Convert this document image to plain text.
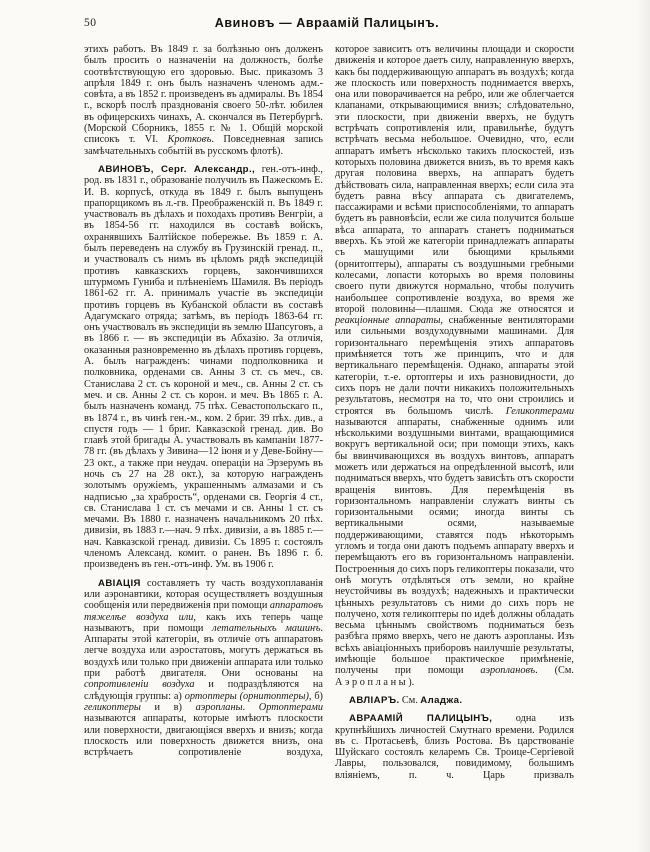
50	Авиновъ — Авраамій Палицынъ.

этихъ работъ. Въ 1849 г. за болѣзнью онъ долженъ былъ просить о назначеніи на должность, болѣе соотвѣтствующую его здоровью. Выс. приказомъ 3 апрѣля 1849 г. онъ былъ назначенъ членомъ адм.-совѣта, а въ 1852 г. произведенъ въ адмиралы. Въ 1854 г., вскорѣ послѣ празднованія своего 50-лѣт. юбилея въ офицерскихъ чинахъ, А. скончался въ Петербургѣ. (Морской Сборникъ, 1855 г. № 1. Общій морской списокъ т. VI. Кротковъ. Повседневная запись замѣчательныхъ событій въ русскомъ флотѣ).

АВИНОВЪ, Серг. Александр., ген.-отъ-инф., род. въ 1831 г., образованіе получилъ въ Пажескомъ Е. И. В. корпусѣ, откуда въ 1849 г. былъ выпущенъ прапорщикомъ въ л.-гв. Преображенскій п. Въ 1849 г. участвовалъ въ дѣлахъ и походахъ противъ Венгріи, а въ 1854-56 гг. находился въ составѣ войскъ, охранявшихъ Балтійское побережье. Въ 1859 г. А. былъ переведенъ на службу въ Грузинскій гренад. п., и участвовалъ съ нимъ въ цѣломъ рядѣ экспедицій противъ кавказскихъ горцевъ, закончившихся штурмомъ Гуниба и плѣненіемъ Шамиля. Въ періодъ 1861-62 гг. А. принималъ участіе въ экспедиціи противъ горцевъ въ Кубанской области въ составѣ Адагумскаго отряда; затѣмъ, въ періодъ 1863-64 гг. онъ участвовалъ въ экспедиціи въ землю Шапсуговъ, а въ 1866 г. — въ экспедиціи въ Абхазію. За отличія, оказанныя разновременно въ дѣлахъ противъ горцевъ, А. былъ награжденъ: чинами подполковника и полковника, орденами св. Анны 3 ст. съ меч., св. Станислава 2 ст. съ короной и меч., св. Анны 2 ст. съ меч. и св. Анны 2 ст. съ корон. и меч. Въ 1865 г. А. былъ назначенъ команд. 75 пѣх. Севастопольскаго п., въ 1874 г., въ чинѣ ген.-м., ком. 2 бриг. 39 пѣх. див., а спустя годъ — 1 бриг. Кавказской гренад. див. Во главѣ этой бригады А. участвовалъ въ кампаніи 1877-78 гг. (въ дѣлахъ у Зивина—12 іюня и у Деве-Бойну—23 окт., а также при неудач. операціи на Эрзерумъ въ ночь съ 27 на 28 окт.), за которую награжденъ золотымъ оружіемъ, украшеннымъ алмазами и съ надписью „за храбрость“, орденами св. Георгія 4 ст., св. Станислава 1 ст. съ мечами и св. Анны 1 ст. съ мечами. Въ 1880 г. назначенъ начальникомъ 20 пѣх. дивизіи, въ 1883 г.—нач. 9 пѣх. дивизіи, а въ 1885 г.—нач. Кавказской гренад. дивизіи. Съ 1895 г. состоялъ членомъ Александ. комит. о ранен. Въ 1896 г. б. произведенъ въ ген.-отъ-инф. Ум. въ 1906 г.

АВІАЦІЯ составляетъ ту часть воздухоплаванія или аэронавтики, которая осуществляетъ воздушныя сообщенія или передвиженія при помощи аппаратовъ тяжелѣе воздуха или, какъ ихъ теперь чаще называютъ, при помощи летательныхъ машинъ. Аппараты этой категоріи, въ отличіе отъ аппаратовъ легче воздуха или аэростатовъ, могутъ держаться въ воздухѣ или только при движеніи аппарата или только при работѣ двигателя. Они основаны на сопротивленіи воздуха и подраздѣляются на слѣдующія группы: а) ортоптеры (орнитоптеры), б) геликоптеры и в) аэропланы. Ортоптерами называются аппараты, которые имѣютъ плоскости или поверхности, двигающіяся вверхъ и внизъ; когда плоскость или поверхность движется внизъ, она встрѣчаетъ сопротивленіе воздуха,

которое зависитъ отъ величины площади и скорости движенія и которое даетъ силу, направленную вверхъ, какъ бы поддерживающую аппаратъ въ воздухѣ; когда же плоскость или поверхность поднимается вверхъ, она или поворачивается на ребро, или же облегчается клапанами, открывающимися внизъ; слѣдовательно, эти плоскости, при движеніи вверхъ, не будутъ встрѣчать сопротивленія или, правильнѣе, будутъ встрѣчать весьма небольшое. Очевидно, что, если аппаратъ имѣетъ нѣсколько такихъ плоскостей, изъ которыхъ половина движется внизъ, въ то время какъ другая половина вверхъ, на аппаратъ будетъ дѣйствовать сила, направленная вверхъ; если сила эта будетъ равна вѣсу аппарата съ двигателемъ, пассажирами и всѣми приспособленіями, то аппаратъ будетъ въ равновѣсіи, если же сила получится больше вѣса аппарата, то аппаратъ станетъ подниматься вверхъ. Къ этой же категоріи принадлежатъ аппараты съ машущими или бьющими крыльями (орнитоптеры), аппараты съ воздушными гребными колесами, лопасти которыхъ во время половины своего пути движутся нормально, чтобы получить наибольшее сопротивленіе воздуха, во время же второй половины—плашмя. Сюда же относятся и реакціонные аппараты, снабженные вентиляторами или сильными воздуходувными машинами. Для горизонтальнаго перемѣщенія этихъ аппаратовъ примѣняется тотъ же принципъ, что и для вертикальнаго перемѣщенія. Однако, аппараты этой категоріи, т.-е. ортоптеры и ихъ разновидности, до сихъ поръ не дали почти никакихъ положительныхъ результатовъ, несмотря на то, что они строились и строятся въ большомъ числѣ. Геликоптерами называются аппараты, снабженные однимъ или нѣсколькими воздушными винтами, вращающимися вокругъ вертикальной оси; при помощи этихъ, какъ бы ввинчивающихся въ воздухъ винтовъ, аппаратъ можетъ или держаться на опредѣленной высотѣ, или подниматься вверхъ, что будетъ зависѣть отъ скорости вращенія винтовъ. Для перемѣщенія въ горизонтальномъ направленіи служатъ винты съ горизонтальными осями; иногда винты съ вертикальными осями, называемые поддерживающими, ставятся подъ нѣкоторымъ угломъ и тогда они даютъ подъемъ аппарату вверхъ и перемѣщаютъ его въ горизонтальномъ направленіи. Построенныя до сихъ поръ геликоптеры показали, что онѣ могутъ отдѣляться отъ земли, но крайне неустойчивы въ воздухѣ; надежныхъ и практически цѣнныхъ результатовъ съ ними до сихъ поръ не получено, хотя геликоптеры по идеѣ должны обладать весьма цѣннымъ свойствомъ подниматься безъ разбѣга прямо вверхъ, чего не даютъ аэропланы. Изъ всѣхъ авіаціонныхъ приборовъ наилучшіе результаты, имѣющіе большое практическое примѣненіе, получены при помощи аэроплановъ. (См. Аэропланы).

АВЛІАРЪ. См. Аладжа.

АВРААМІЙ ПАЛИЦЫНЪ, одна изъ крупнѣйшихъ личностей Смутнаго времени. Родился въ с. Протасьевѣ, близъ Ростова. Въ царствованіе Шуйскаго состоялъ келаремъ Св. Троице-Сергіевой Лавры, пользовался, повидимому, большимъ вліяніемъ, п. ч. Царь призвалъ
